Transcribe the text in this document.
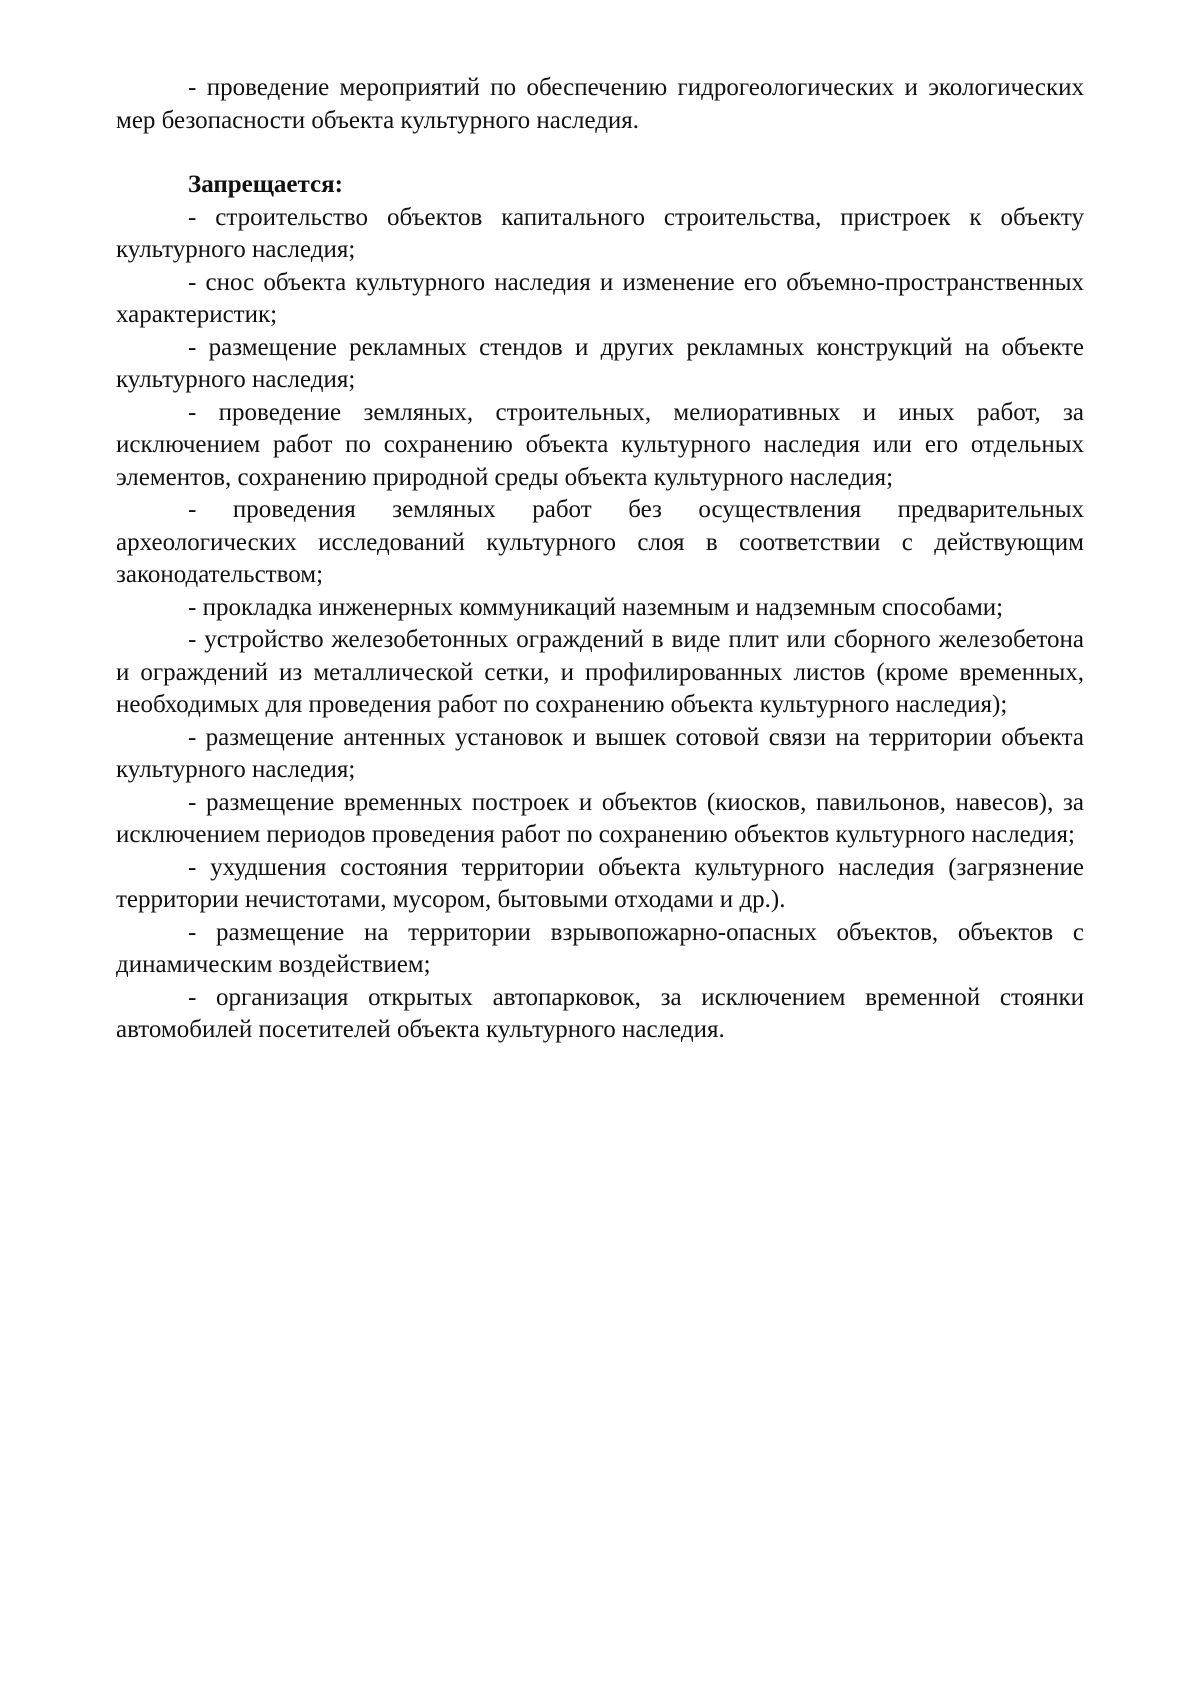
- проведение мероприятий по обеспечению гидрогеологических и экологических мер безопасности объекта культурного наследия.

Запрещается:

- строительство объектов капитального строительства, пристроек к объекту культурного наследия;

- снос объекта культурного наследия и изменение его объемно-пространственных характеристик;

- размещение рекламных стендов и других рекламных конструкций на объекте культурного наследия;

- проведение земляных, строительных, мелиоративных и иных работ, за исключением работ по сохранению объекта культурного наследия или его отдельных элементов, сохранению природной среды объекта культурного наследия;

- проведения земляных работ без осуществления предварительных археологических исследований культурного слоя в соответствии с действующим законодательством;

- прокладка инженерных коммуникаций наземным и надземным способами;

- устройство железобетонных ограждений в виде плит или сборного железобетона и ограждений из металлической сетки, и профилированных листов (кроме временных, необходимых для проведения работ по сохранению объекта культурного наследия);

- размещение антенных установок и вышек сотовой связи на территории объекта культурного наследия;

- размещение временных построек и объектов (киосков, павильонов, навесов), за исключением периодов проведения работ по сохранению объектов культурного наследия;

- ухудшения состояния территории объекта культурного наследия (загрязнение территории нечистотами, мусором, бытовыми отходами и др.).

- размещение на территории взрывопожарно-опасных объектов, объектов с динамическим воздействием;

- организация открытых автопарковок, за исключением временной стоянки автомобилей посетителей объекта культурного наследия.
